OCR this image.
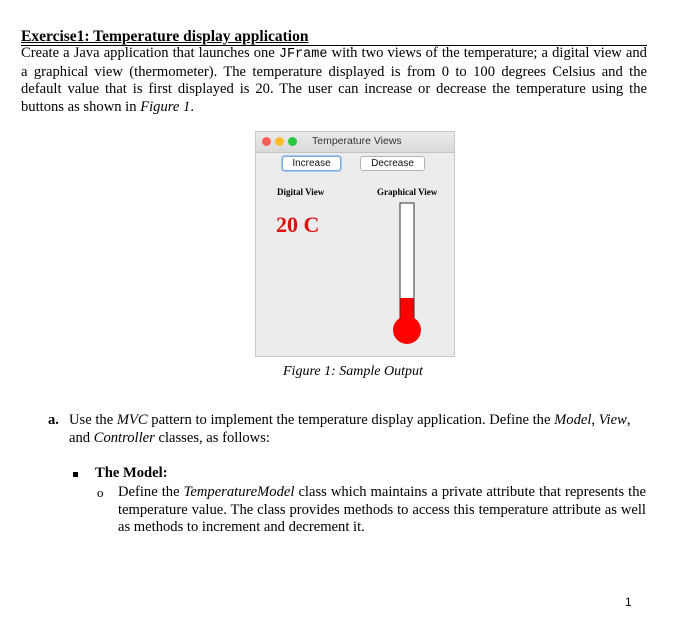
Exercise1: Temperature display application
Create a Java application that launches one JFrame with two views of the temperature; a digital view and a graphical view (thermometer). The temperature displayed is from 0 to 100 degrees Celsius and the default value that is first displayed is 20. The user can increase or decrease the temperature using the buttons as shown in Figure 1.
Temperature Views
Increase	Decrease
Digital View	Graphical View
20 C
Figure 1: Sample Output
a. Use the MVC pattern to implement the temperature display application. Define the Model, View, and Controller classes, as follows:
The Model:
o Define the TemperatureModel class which maintains a private attribute that represents the temperature value. The class provides methods to access this temperature attribute as well as methods to increment and decrement it.
1
